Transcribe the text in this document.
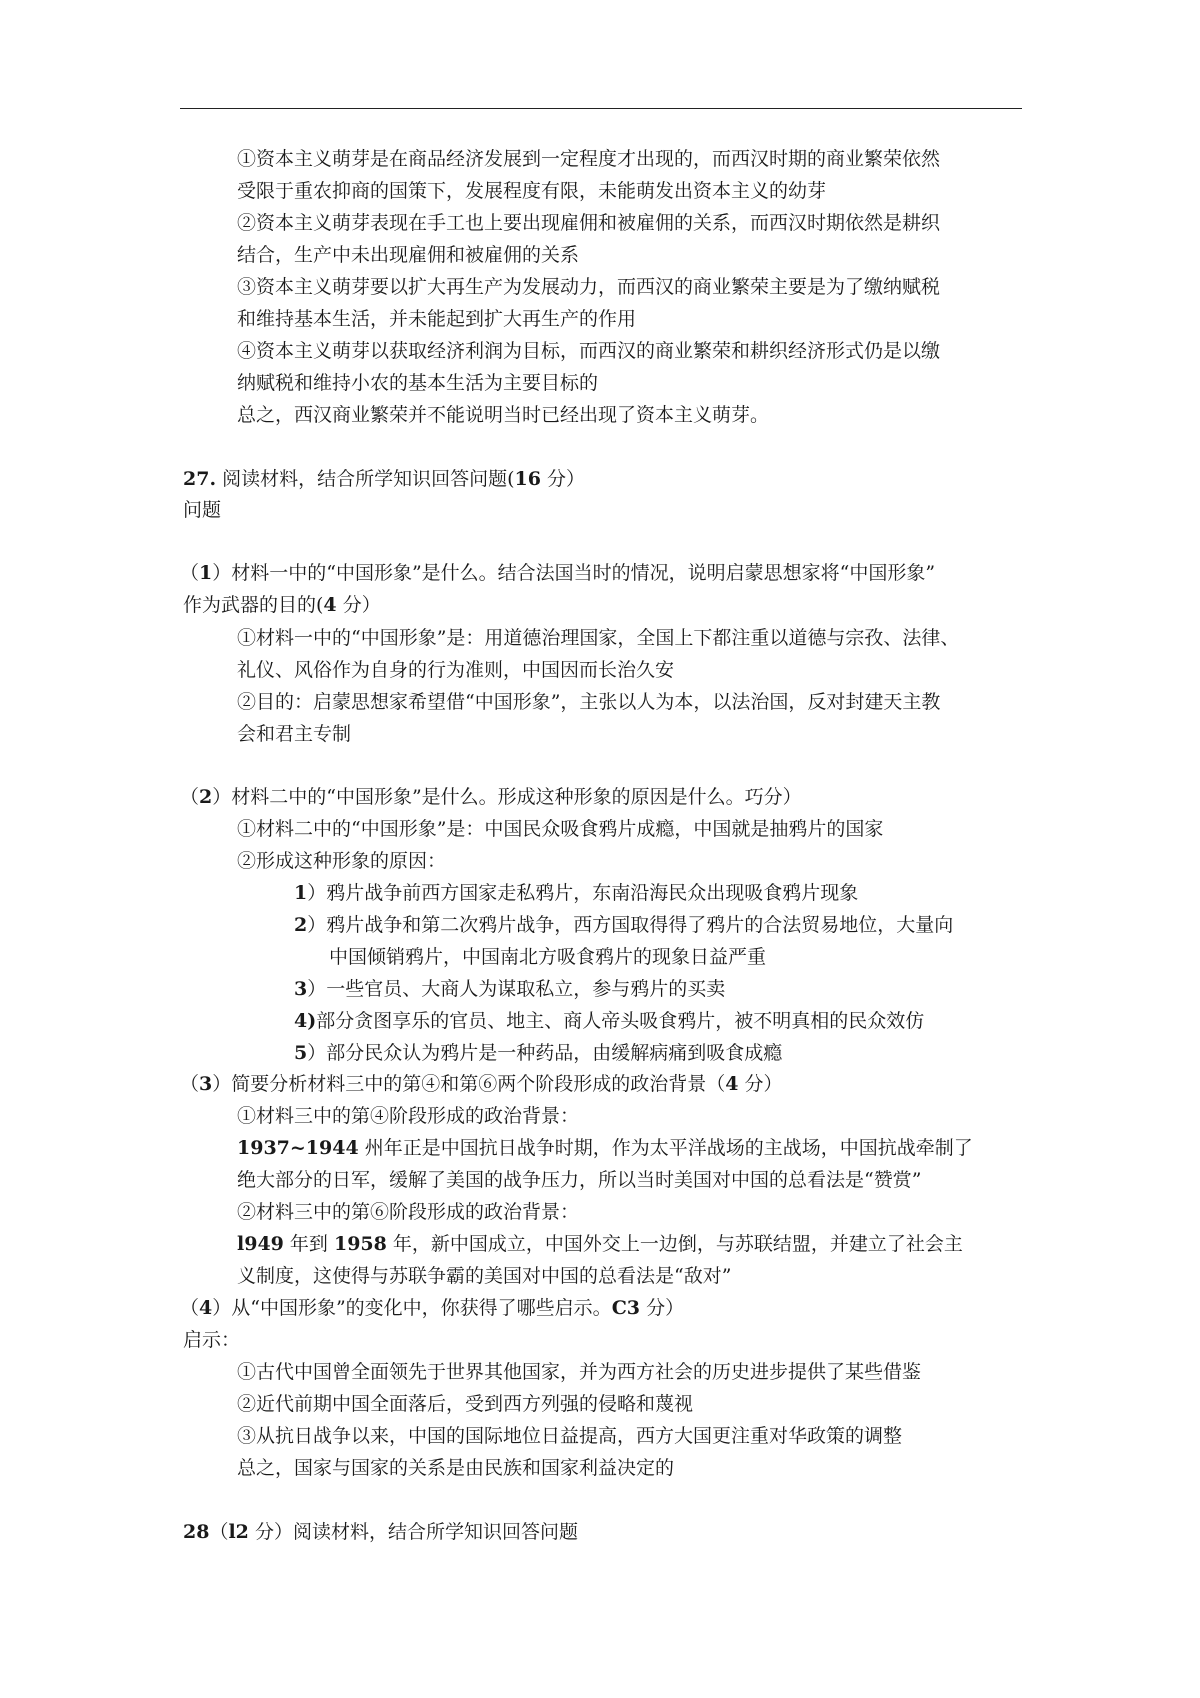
①资本主义萌芽是在商品经济发展到一定程度才出现的，而西汉时期的商业繁荣依然
受限于重农抑商的国策下，发展程度有限，未能萌发出资本主义的幼芽
②资本主义萌芽表现在手工也上要出现雇佣和被雇佣的关系，而西汉时期依然是耕织
结合，生产中未出现雇佣和被雇佣的关系
③资本主义萌芽要以扩大再生产为发展动力，而西汉的商业繁荣主要是为了缴纳赋税
和维持基本生活，并未能起到扩大再生产的作用
④资本主义萌芽以获取经济利润为目标，而西汉的商业繁荣和耕织经济形式仍是以缴
纳赋税和维持小农的基本生活为主要目标的
总之，西汉商业繁荣并不能说明当时已经出现了资本主义萌芽。
27. 阅读材料，结合所学知识回答问题(16 分）
问题
（1）材料一中的“中国形象”是什么。结合法国当时的情况，说明启蒙思想家将“中国形象”
作为武器的目的(4 分）
①材料一中的“中国形象”是：用道德治理国家，全国上下都注重以道德与宗孜、法律、
礼仪、风俗作为自身的行为准则，中国因而长治久安
②目的：启蒙思想家希望借“中国形象”，主张以人为本，以法治国，反对封建天主教
会和君主专制
（2）材料二中的“中国形象”是什么。形成这种形象的原因是什么。巧分）
①材料二中的“中国形象”是：中国民众吸食鸦片成瘾，中国就是抽鸦片的国家
②形成这种形象的原因：
1）鸦片战争前西方国家走私鸦片，东南沿海民众出现吸食鸦片现象
2）鸦片战争和第二次鸦片战争，西方国取得得了鸦片的合法贸易地位，大量向
中国倾销鸦片，中国南北方吸食鸦片的现象日益严重
3）一些官员、大商人为谋取私立，参与鸦片的买卖
4)部分贪图享乐的官员、地主、商人帝头吸食鸦片，被不明真相的民众效仿
5）部分民众认为鸦片是一种药品，由缓解病痛到吸食成瘾
（3）简要分析材料三中的第④和第⑥两个阶段形成的政治背景（4 分）
①材料三中的第④阶段形成的政治背景：
1937~1944 州年正是中国抗日战争时期，作为太平洋战场的主战场，中国抗战牵制了
绝大部分的日军，缓解了美国的战争压力，所以当时美国对中国的总看法是“赞赏”
②材料三中的第⑥阶段形成的政治背景：
l949 年到 1958 年，新中国成立，中国外交上一边倒，与苏联结盟，并建立了社会主
义制度，这使得与苏联争霸的美国对中国的总看法是“敌对”
（4）从“中国形象”的变化中，你获得了哪些启示。C3 分）
启示：
①古代中国曾全面领先于世界其他国家，并为西方社会的历史进步提供了某些借鉴
②近代前期中国全面落后，受到西方列强的侵略和蔑视
③从抗日战争以来，中国的国际地位日益提高，西方大国更注重对华政策的调整
总之，国家与国家的关系是由民族和国家利益决定的
28（l2 分）阅读材料，结合所学知识回答问题
